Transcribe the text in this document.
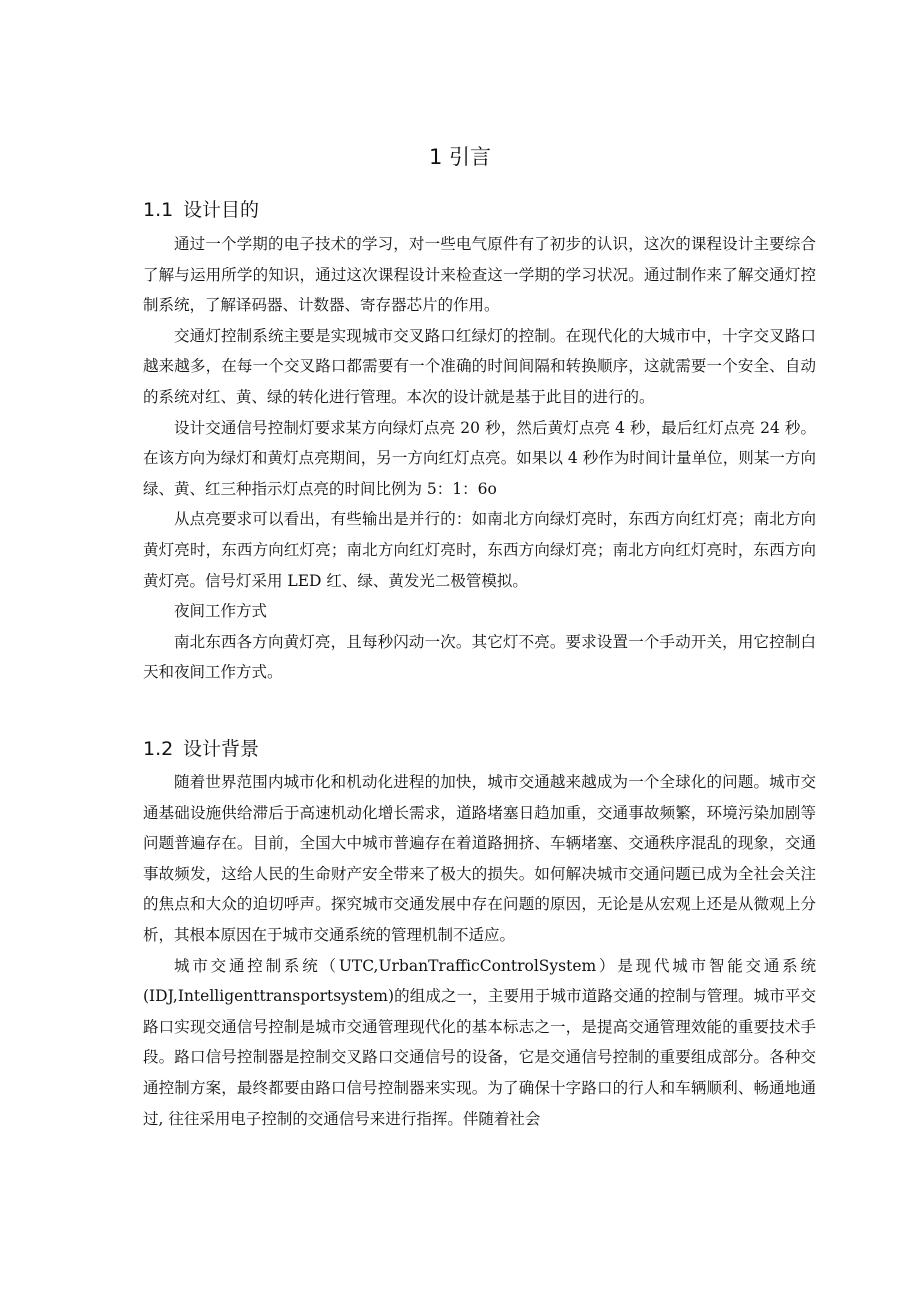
1 引言
1.1 设计目的

通过一个学期的电子技术的学习，对一些电气原件有了初步的认识，这次的课程设计主要综合了解与运用所学的知识，通过这次课程设计来检查这一学期的学习状况。通过制作来了解交通灯控制系统，了解译码器、计数器、寄存器芯片的作用。

交通灯控制系统主要是实现城市交叉路口红绿灯的控制。在现代化的大城市中，十字交叉路口越来越多，在每一个交叉路口都需要有一个准确的时间间隔和转换顺序，这就需要一个安全、自动的系统对红、黄、绿的转化进行管理。本次的设计就是基于此目的进行的。

设计交通信号控制灯要求某方向绿灯点亮 20 秒，然后黄灯点亮 4 秒，最后红灯点亮 24 秒。在该方向为绿灯和黄灯点亮期间，另一方向红灯点亮。如果以 4 秒作为时间计量单位，则某一方向绿、黄、红三种指示灯点亮的时间比例为 5：1：6o

从点亮要求可以看出，有些输出是并行的：如南北方向绿灯亮时，东西方向红灯亮；南北方向黄灯亮时，东西方向红灯亮；南北方向红灯亮时，东西方向绿灯亮；南北方向红灯亮时，东西方向黄灯亮。信号灯采用 LED 红、绿、黄发光二极管模拟。

夜间工作方式

南北东西各方向黄灯亮，且每秒闪动一次。其它灯不亮。要求设置一个手动开关，用它控制白天和夜间工作方式。

1.2 设计背景

随着世界范围内城市化和机动化进程的加快，城市交通越来越成为一个全球化的问题。城市交通基础设施供给滞后于高速机动化增长需求，道路堵塞日趋加重，交通事故频繁，环境污染加剧等问题普遍存在。目前，全国大中城市普遍存在着道路拥挤、车辆堵塞、交通秩序混乱的现象，交通事故频发，这给人民的生命财产安全带来了极大的损失。如何解决城市交通问题已成为全社会关注的焦点和大众的迫切呼声。探究城市交通发展中存在问题的原因，无论是从宏观上还是从微观上分析，其根本原因在于城市交通系统的管理机制不适应。

城市交通控制系统（UTC,UrbanTrafficControlSystem）是现代城市智能交通系统(IDJ,Intelligenttransportsystem)的组成之一，主要用于城市道路交通的控制与管理。城市平交路口实现交通信号控制是城市交通管理现代化的基本标志之一，是提高交通管理效能的重要技术手段。路口信号控制器是控制交叉路口交通信号的设备，它是交通信号控制的重要组成部分。各种交通控制方案，最终都要由路口信号控制器来实现。为了确保十字路口的行人和车辆顺利、畅通地通过, 往往采用电子控制的交通信号来进行指挥。伴随着社会
